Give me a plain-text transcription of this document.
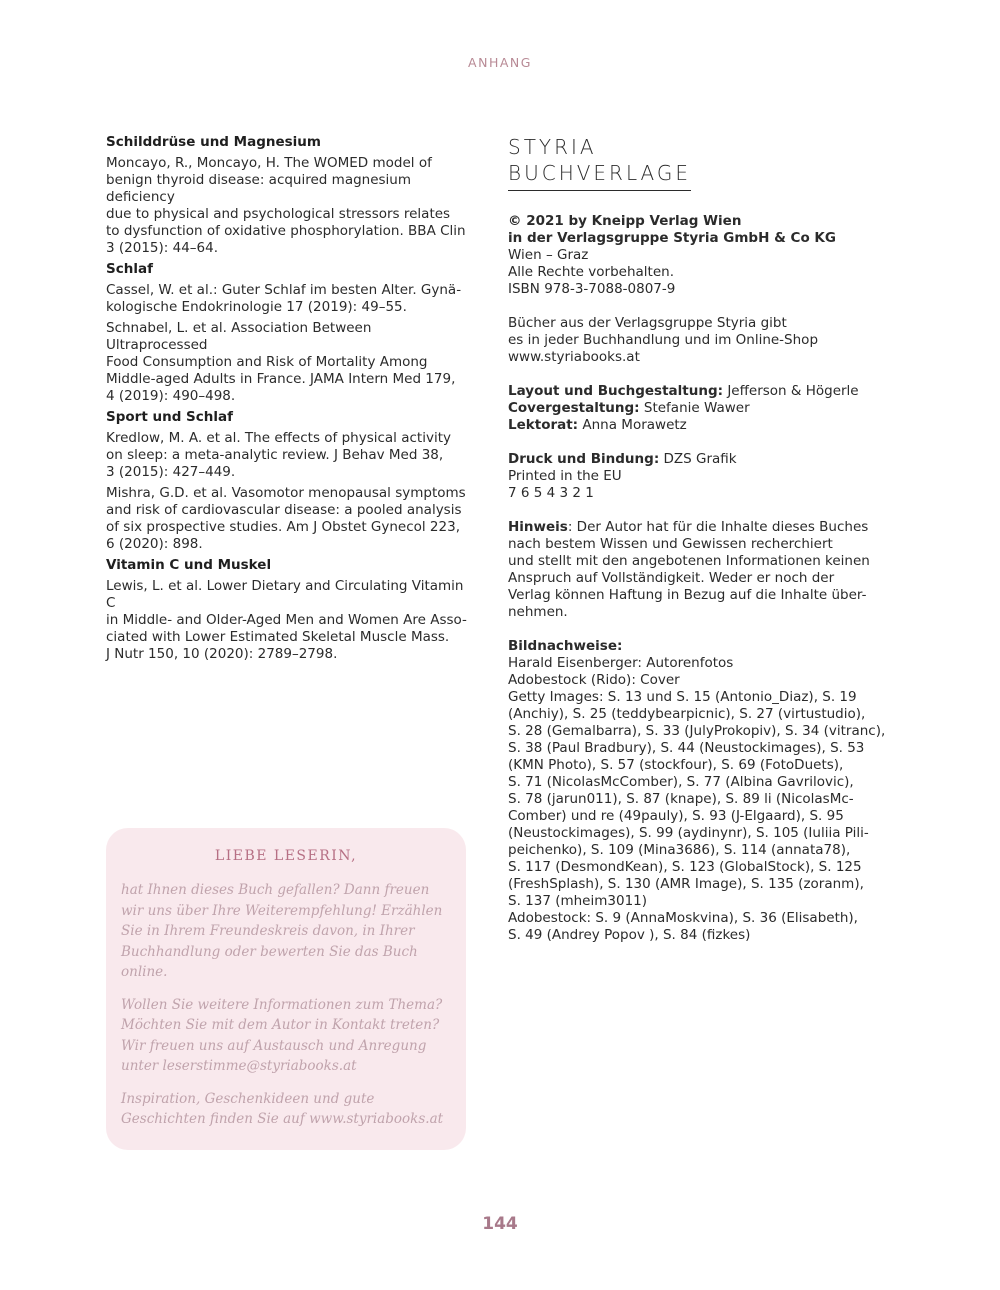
ANHANG
Schilddrüse und Magnesium
Moncayo, R., Moncayo, H. The WOMED model of
benign thyroid disease: acquired magnesium deficiency
due to physical and psychological stressors relates
to dysfunction of oxidative phosphorylation. BBA Clin
3 (2015): 44–64.
Schlaf
Cassel, W. et al.: Guter Schlaf im besten Alter. Gynä-
kologische Endokrinologie 17 (2019): 49–55.
Schnabel, L. et al. Association Between Ultraprocessed
Food Consumption and Risk of Mortality Among
Middle-aged Adults in France. JAMA Intern Med 179,
4 (2019): 490–498.
Sport und Schlaf
Kredlow, M. A. et al. The effects of physical activity
on sleep: a meta-analytic review. J Behav Med 38,
3 (2015): 427–449.
Mishra, G.D. et al. Vasomotor menopausal symptoms
and risk of cardiovascular disease: a pooled analysis
of six prospective studies. Am J Obstet Gynecol 223,
6 (2020): 898.
Vitamin C und Muskel
Lewis, L. et al. Lower Dietary and Circulating Vitamin C
in Middle- and Older-Aged Men and Women Are Asso-
ciated with Lower Estimated Skeletal Muscle Mass.
J Nutr 150, 10 (2020): 2789–2798.
STYRIA
BUCHVERLAGE
© 2021 by Kneipp Verlag Wien
in der Verlagsgruppe Styria GmbH & Co KG
Wien – Graz
Alle Rechte vorbehalten.
ISBN 978-3-7088-0807-9
Bücher aus der Verlagsgruppe Styria gibt
es in jeder Buchhandlung und im Online-Shop
www.styriabooks.at
Layout und Buchgestaltung: Jefferson & Högerle
Covergestaltung: Stefanie Wawer
Lektorat: Anna Morawetz
Druck und Bindung: DZS Grafik
Printed in the EU
7 6 5 4 3 2 1
Hinweis: Der Autor hat für die Inhalte dieses Buches
nach bestem Wissen und Gewissen recherchiert
und stellt mit den angebotenen Informationen keinen
Anspruch auf Vollständigkeit. Weder er noch der
Verlag können Haftung in Bezug auf die Inhalte über-
nehmen.
Bildnachweise:
Harald Eisenberger: Autorenfotos
Adobestock (Rido): Cover
Getty Images: S. 13 und S. 15 (Antonio_Diaz), S. 19
(Anchiy), S. 25 (teddybearpicnic), S. 27 (virtustudio),
S. 28 (Gemalbarra), S. 33 (JulyProkopiv), S. 34 (vitranc),
S. 38 (Paul Bradbury), S. 44 (Neustockimages), S. 53
(KMN Photo), S. 57 (stockfour), S. 69 (FotoDuets),
S. 71 (NicolasMcComber), S. 77 (Albina Gavrilovic),
S. 78 (jarun011), S. 87 (knape), S. 89 li (NicolasMc-
Comber) und re (49pauly), S. 93 (J-Elgaard), S. 95
(Neustockimages), S. 99 (aydinynr), S. 105 (Iuliia Pili-
peichenko), S. 109 (Mina3686), S. 114 (annata78),
S. 117 (DesmondKean), S. 123 (GlobalStock), S. 125
(FreshSplash), S. 130 (AMR Image), S. 135 (zoranm),
S. 137 (mheim3011)
Adobestock: S. 9 (AnnaMoskvina), S. 36 (Elisabeth),
S. 49 (Andrey Popov ), S. 84 (fizkes)
LIEBE LESERIN,

hat Ihnen dieses Buch gefallen? Dann freuen
wir uns über Ihre Weiterempfehlung! Erzählen
Sie in Ihrem Freundeskreis davon, in Ihrer
Buchhandlung oder bewerten Sie das Buch
online.

Wollen Sie weitere Informationen zum Thema?
Möchten Sie mit dem Autor in Kontakt treten?
Wir freuen uns auf Austausch und Anregung
unter leserstimme@styriabooks.at

Inspiration, Geschenkideen und gute
Geschichten finden Sie auf www.styriabooks.at

144
